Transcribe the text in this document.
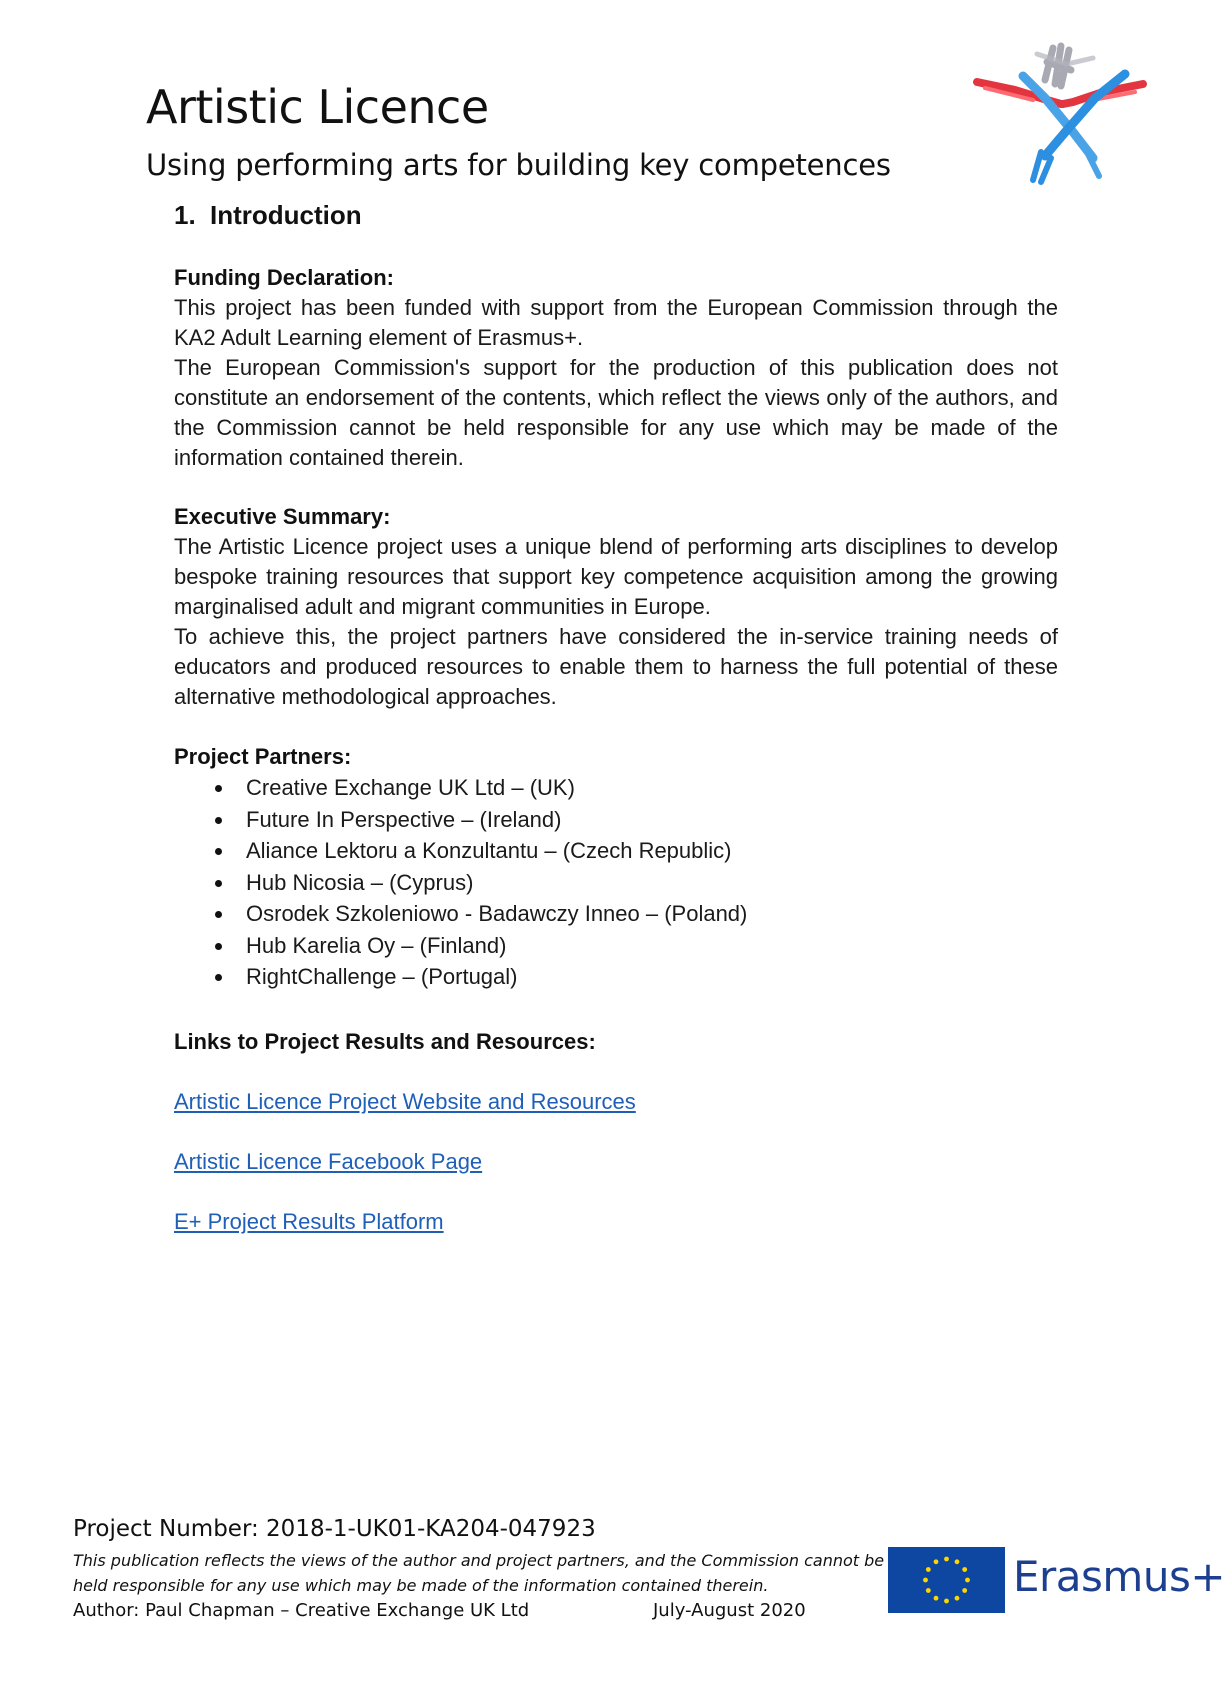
Artistic Licence
Using performing arts for building key competences
1. Introduction
Funding Declaration:

This project has been funded with support from the European Commission through the KA2 Adult Learning element of Erasmus+.

The European Commission's support for the production of this publication does not constitute an endorsement of the contents, which reflect the views only of the authors, and the Commission cannot be held responsible for any use which may be made of the information contained therein.

Executive Summary:

The Artistic Licence project uses a unique blend of performing arts disciplines to develop bespoke training resources that support key competence acquisition among the growing marginalised adult and migrant communities in Europe.

To achieve this, the project partners have considered the in-service training needs of educators and produced resources to enable them to harness the full potential of these alternative methodological approaches.

Project Partners:
Creative Exchange UK Ltd – (UK)
Future In Perspective – (Ireland)
Aliance Lektoru a Konzultantu – (Czech Republic)
Hub Nicosia – (Cyprus)
Osrodek Szkoleniowo - Badawczy Inneo – (Poland)
Hub Karelia Oy – (Finland)
RightChallenge – (Portugal)
Links to Project Results and Resources:
Artistic Licence Project Website and Resources
Artistic Licence Facebook Page
E+ Project Results Platform

Project Number: 2018-1-UK01-KA204-047923

This publication reflects the views of the author and project partners, and the Commission cannot be held responsible for any use which may be made of the information contained therein.

Author: Paul Chapman – Creative Exchange UK Ltd	July-August 2020
Erasmus+
